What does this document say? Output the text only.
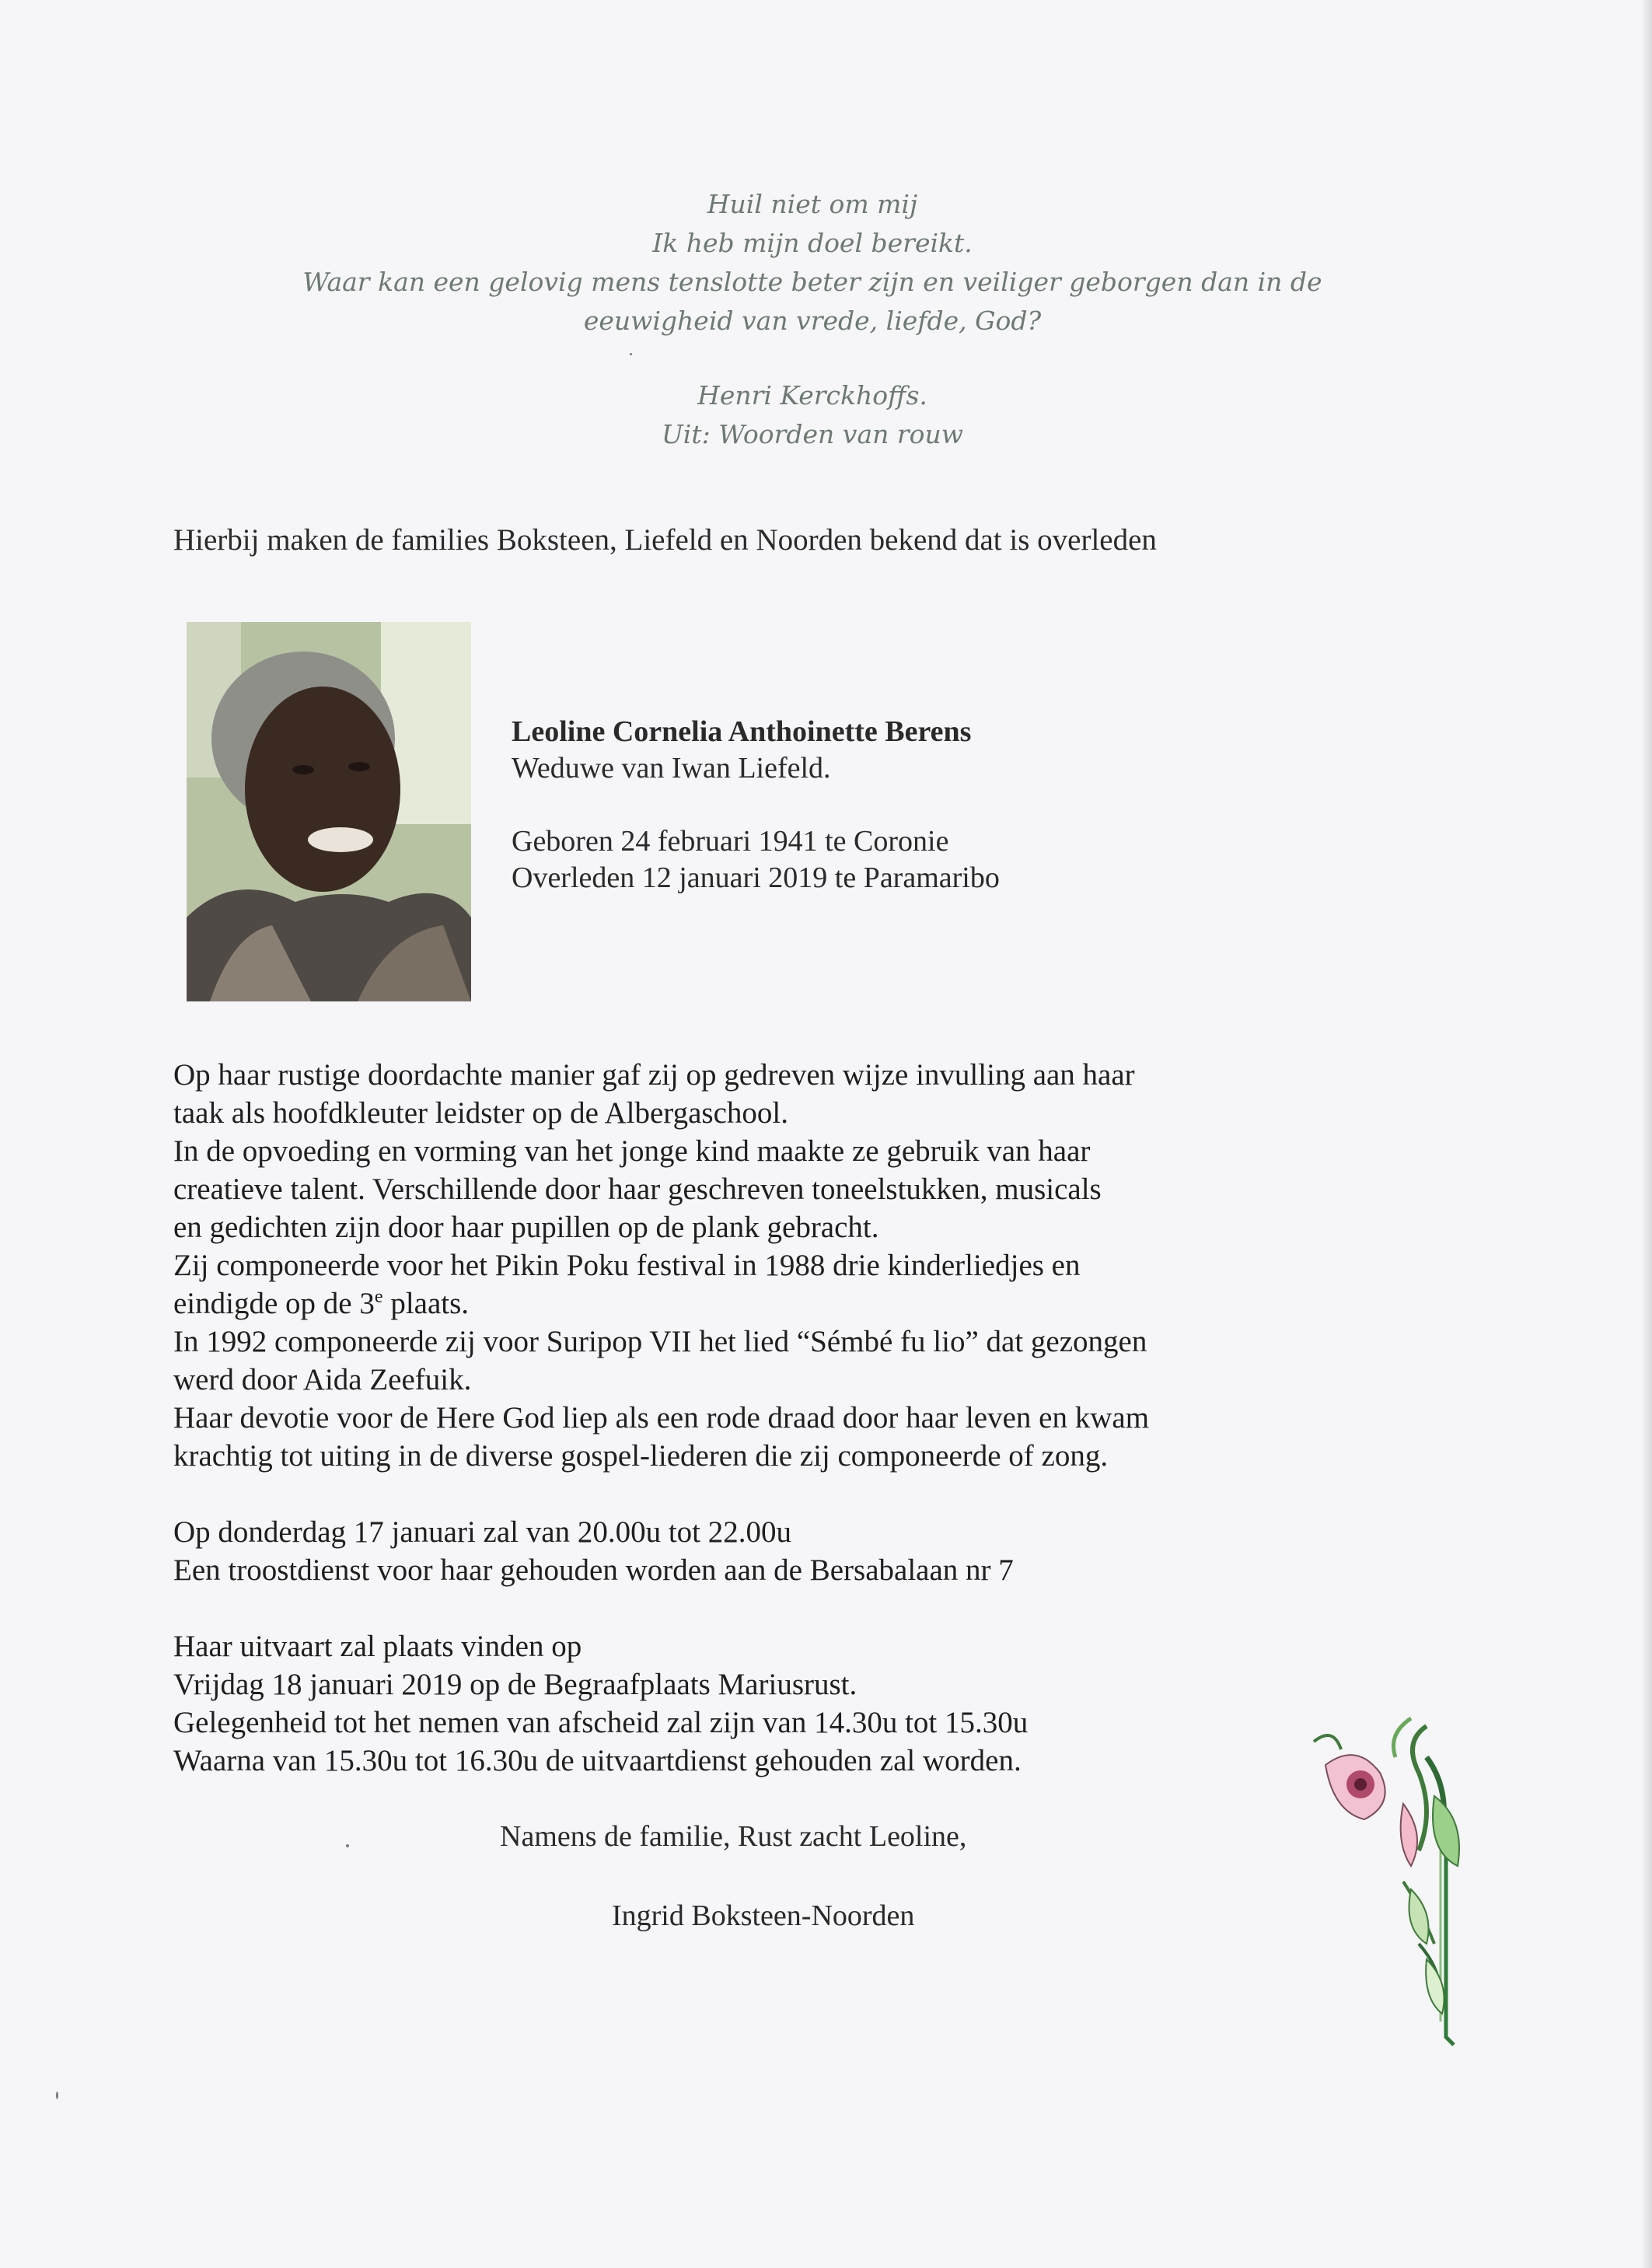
Huil niet om mij
Ik heb mijn doel bereikt.
Waar kan een gelovig mens tenslotte beter zijn en veiliger geborgen dan in de
eeuwigheid van vrede, liefde, God?
Henri Kerckhoffs.
Uit: Woorden van rouw
Hierbij maken de families Boksteen, Liefeld en Noorden bekend dat is overleden
Leoline Cornelia Anthoinette Berens
Weduwe van Iwan Liefeld.
Geboren 24 februari 1941 te Coronie
Overleden 12 januari 2019 te Paramaribo
Op haar rustige doordachte manier gaf zij op gedreven wijze invulling aan haar
taak als hoofdkleuter leidster op de Albergaschool.
In de opvoeding en vorming van het jonge kind maakte ze gebruik van haar
creatieve talent. Verschillende door haar geschreven toneelstukken, musicals
en gedichten zijn door haar pupillen op de plank gebracht.
Zij componeerde voor het Pikin Poku festival in 1988 drie kinderliedjes en
eindigde op de 3e plaats.
In 1992 componeerde zij voor Suripop VII het lied “Sémbé fu lio” dat gezongen
werd door Aida Zeefuik.
Haar devotie voor de Here God liep als een rode draad door haar leven en kwam
krachtig tot uiting in de diverse gospel-liederen die zij componeerde of zong.
Op donderdag 17 januari zal van 20.00u tot 22.00u
Een troostdienst voor haar gehouden worden aan de Bersabalaan nr 7
Haar uitvaart zal plaats vinden op
Vrijdag 18 januari 2019 op de Begraafplaats Mariusrust.
Gelegenheid tot het nemen van afscheid zal zijn van 14.30u tot 15.30u
Waarna van 15.30u tot 16.30u de uitvaartdienst gehouden zal worden.
Namens de familie, Rust zacht Leoline,
Ingrid Boksteen-Noorden
